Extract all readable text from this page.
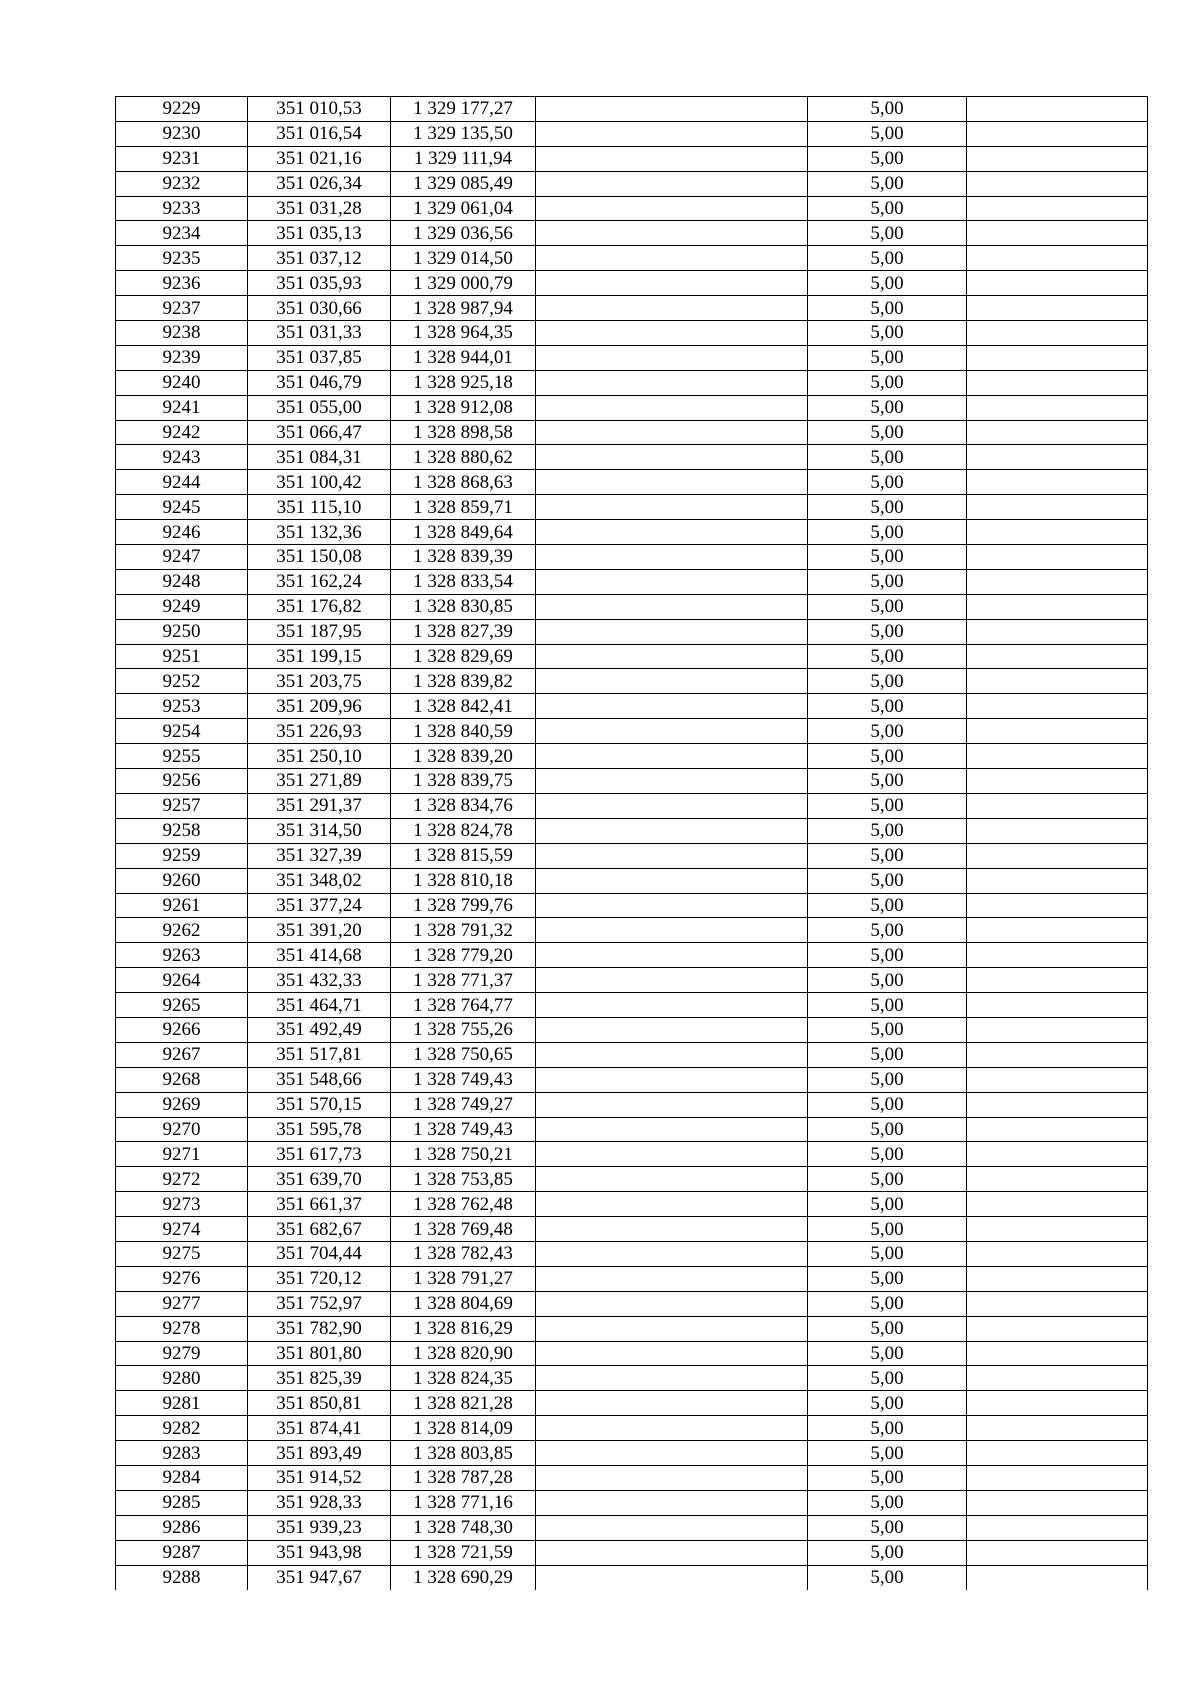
9229	351 010,53	1 329 177,27	5,00
9230	351 016,54	1 329 135,50	5,00
9231	351 021,16	1 329 111,94	5,00
9232	351 026,34	1 329 085,49	5,00
9233	351 031,28	1 329 061,04	5,00
9234	351 035,13	1 329 036,56	5,00
9235	351 037,12	1 329 014,50	5,00
9236	351 035,93	1 329 000,79	5,00
9237	351 030,66	1 328 987,94	5,00
9238	351 031,33	1 328 964,35	5,00
9239	351 037,85	1 328 944,01	5,00
9240	351 046,79	1 328 925,18	5,00
9241	351 055,00	1 328 912,08	5,00
9242	351 066,47	1 328 898,58	5,00
9243	351 084,31	1 328 880,62	5,00
9244	351 100,42	1 328 868,63	5,00
9245	351 115,10	1 328 859,71	5,00
9246	351 132,36	1 328 849,64	5,00
9247	351 150,08	1 328 839,39	5,00
9248	351 162,24	1 328 833,54	5,00
9249	351 176,82	1 328 830,85	5,00
9250	351 187,95	1 328 827,39	5,00
9251	351 199,15	1 328 829,69	5,00
9252	351 203,75	1 328 839,82	5,00
9253	351 209,96	1 328 842,41	5,00
9254	351 226,93	1 328 840,59	5,00
9255	351 250,10	1 328 839,20	5,00
9256	351 271,89	1 328 839,75	5,00
9257	351 291,37	1 328 834,76	5,00
9258	351 314,50	1 328 824,78	5,00
9259	351 327,39	1 328 815,59	5,00
9260	351 348,02	1 328 810,18	5,00
9261	351 377,24	1 328 799,76	5,00
9262	351 391,20	1 328 791,32	5,00
9263	351 414,68	1 328 779,20	5,00
9264	351 432,33	1 328 771,37	5,00
9265	351 464,71	1 328 764,77	5,00
9266	351 492,49	1 328 755,26	5,00
9267	351 517,81	1 328 750,65	5,00
9268	351 548,66	1 328 749,43	5,00
9269	351 570,15	1 328 749,27	5,00
9270	351 595,78	1 328 749,43	5,00
9271	351 617,73	1 328 750,21	5,00
9272	351 639,70	1 328 753,85	5,00
9273	351 661,37	1 328 762,48	5,00
9274	351 682,67	1 328 769,48	5,00
9275	351 704,44	1 328 782,43	5,00
9276	351 720,12	1 328 791,27	5,00
9277	351 752,97	1 328 804,69	5,00
9278	351 782,90	1 328 816,29	5,00
9279	351 801,80	1 328 820,90	5,00
9280	351 825,39	1 328 824,35	5,00
9281	351 850,81	1 328 821,28	5,00
9282	351 874,41	1 328 814,09	5,00
9283	351 893,49	1 328 803,85	5,00
9284	351 914,52	1 328 787,28	5,00
9285	351 928,33	1 328 771,16	5,00
9286	351 939,23	1 328 748,30	5,00
9287	351 943,98	1 328 721,59	5,00
9288	351 947,67	1 328 690,29	5,00
